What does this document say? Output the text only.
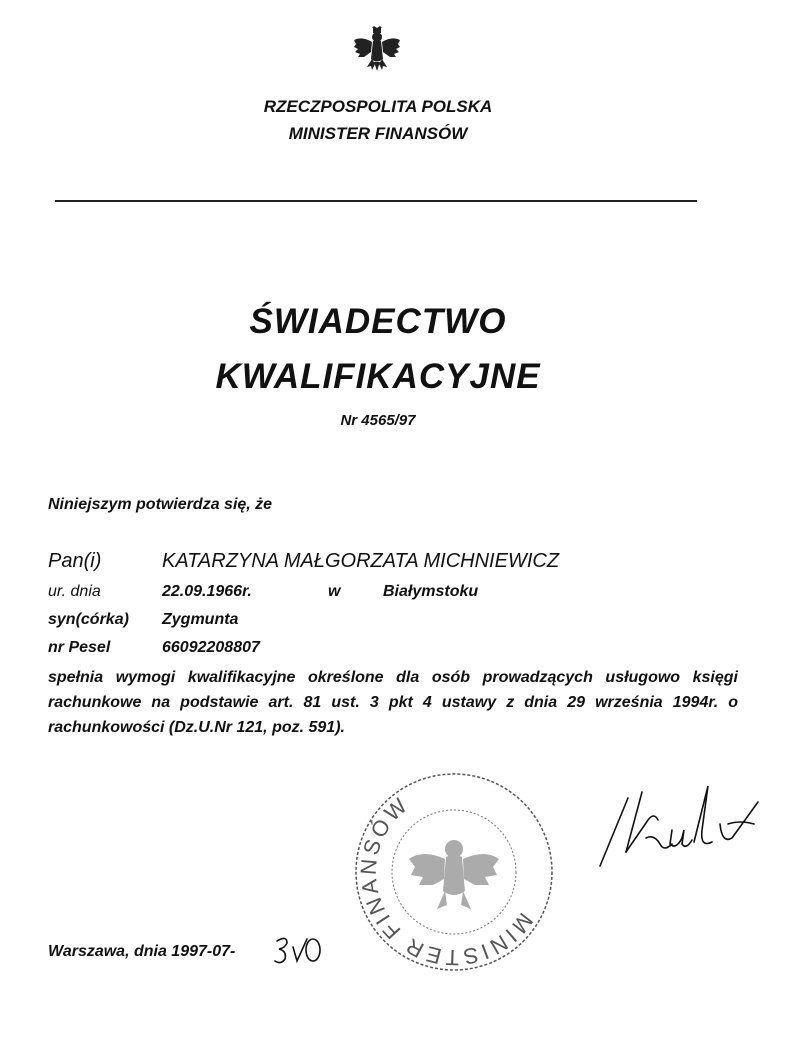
RZECZPOSPOLITA POLSKA
MINISTER FINANSÓW
ŚWIADECTWO
KWALIFIKACYJNE
Nr 4565/97
Niniejszym potwierdza się, że
Pan(i)	KATARZYNA MAŁGORZATA MICHNIEWICZ
ur. dnia	22.09.1966r.	w	Białymstoku
syn(córka) Zygmunta
nr Pesel	66092208807
spełnia wymogi kwalifikacyjne określone dla osób prowadzących usługowo księgi rachunkowe na podstawie art. 81 ust. 3 pkt 4 ustawy z dnia 29 września 1994r. o rachunkowości (Dz.U.Nr 121, poz. 591).
MINISTER FINANSÓW
Warszawa, dnia 1997-07-
